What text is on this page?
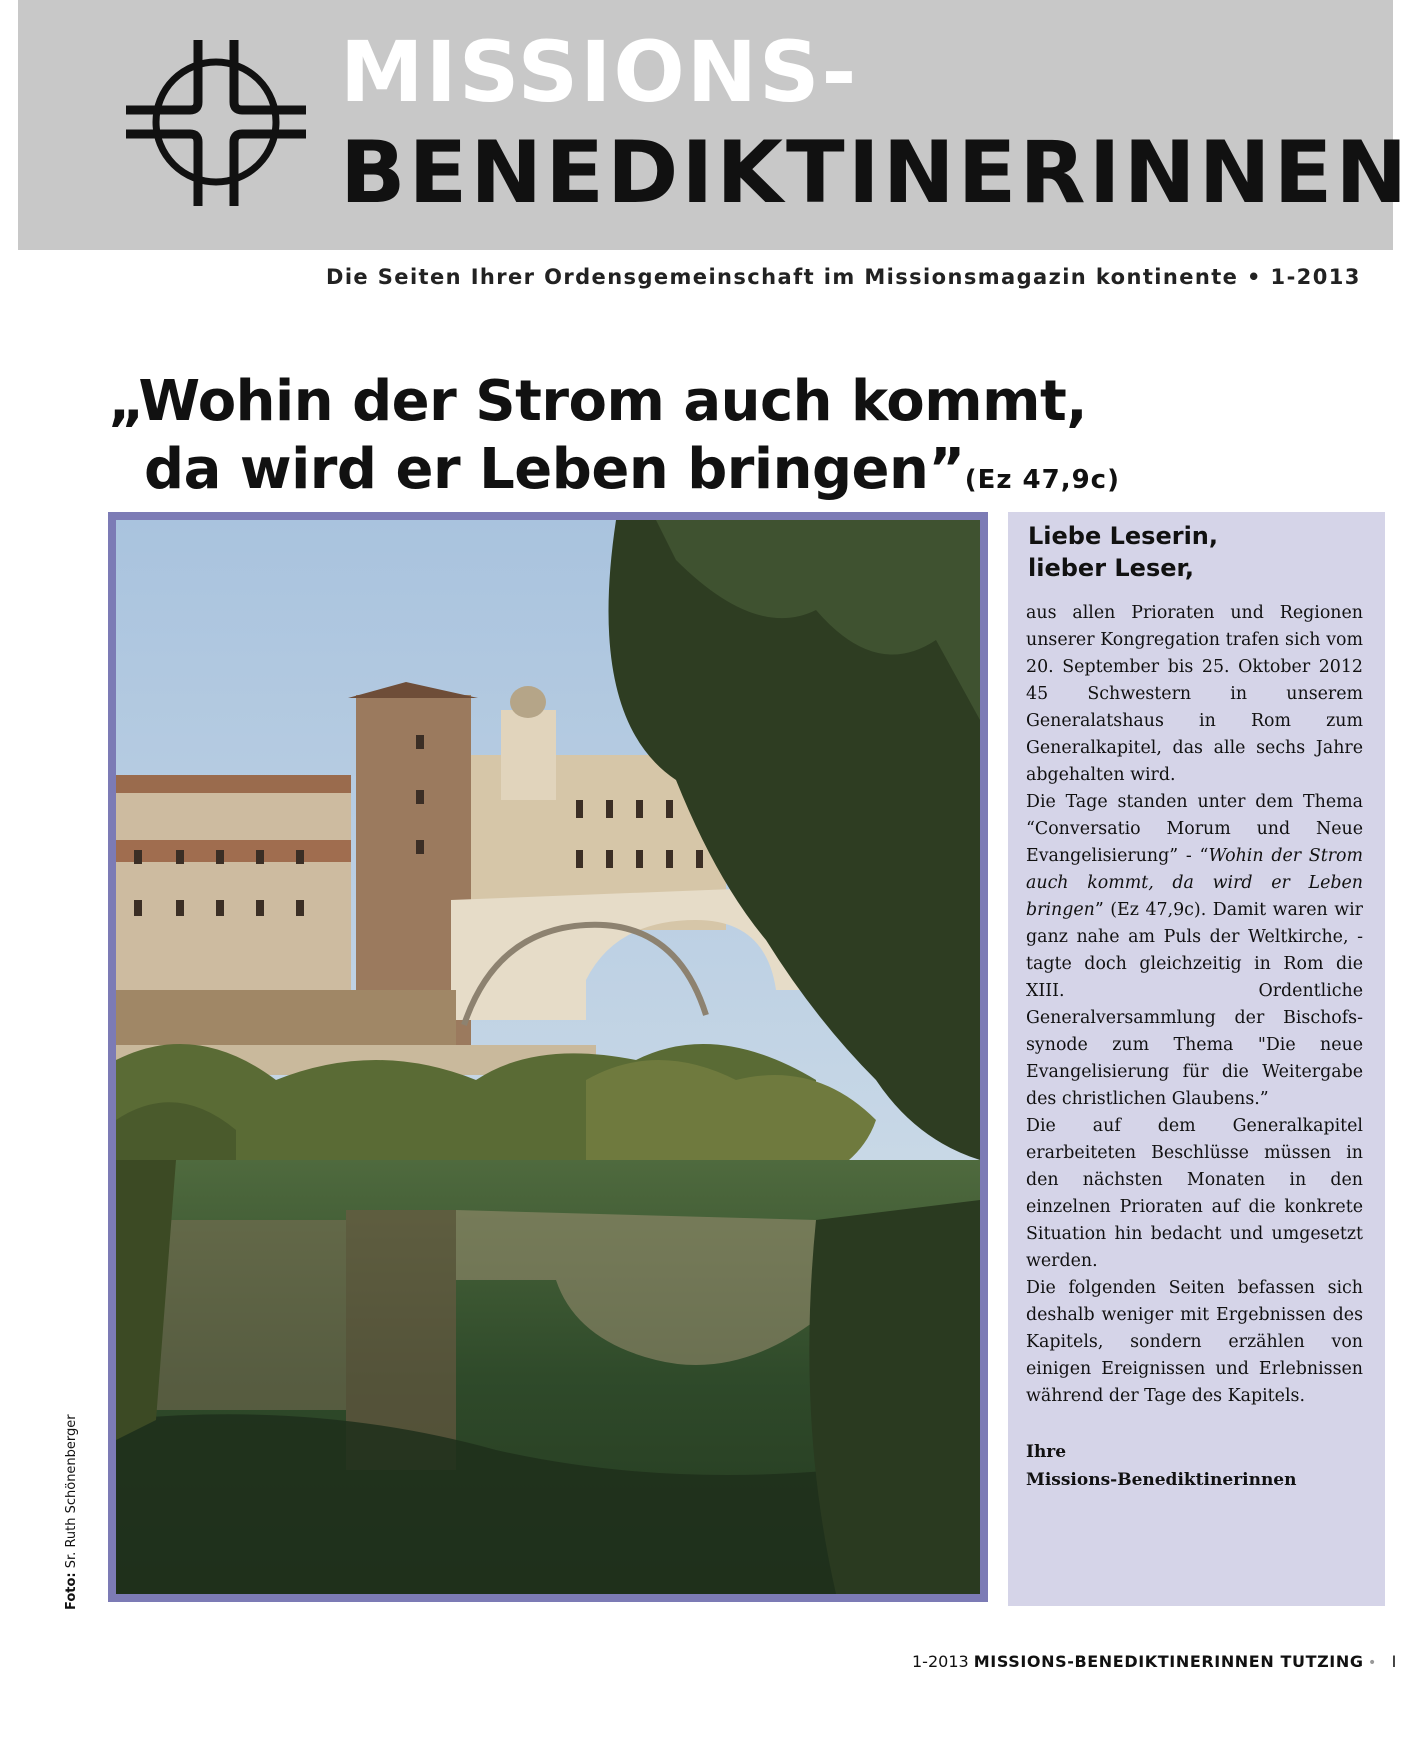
MISSIONS-
BENEDIKTINERINNEN
Die Seiten Ihrer Ordensgemeinschaft im Missionsmagazin kontinente • 1-2013
„Wohin der Strom auch kommt,
da wird er Leben bringen”(Ez 47,9c)
Foto: Sr. Ruth Schönenberger
Liebe Leserin,
lieber Leser,

aus allen Prioraten und Regionen unserer Kongregation trafen sich vom 20. September bis 25. Oktober 2012 45 Schwestern in unserem Generalatshaus in Rom zum Generalkapitel, das alle sechs Jahre abgehalten wird.

Die Tage standen unter dem Thema “Conversatio Morum und Neue Evangelisierung” - “Wohin der Strom auch kommt, da wird er Leben bringen” (Ez 47,9c). Damit waren wir ganz nahe am Puls der Weltkirche, - tagte doch gleichzeitig in Rom die XIII. Ordentliche Generalversammlung der Bischofs-synode zum Thema "Die neue Evangelisierung für die Weitergabe des christlichen Glaubens.”

Die auf dem Generalkapitel erarbeiteten Beschlüsse müssen in den nächsten Monaten in den einzelnen Prioraten auf die konkrete Situation hin bedacht und umgesetzt werden.

Die folgenden Seiten befassen sich deshalb weniger mit Ergebnissen des Kapitels, sondern erzählen von einigen Ereignissen und Erlebnissen während der Tage des Kapitels.

Ihre
Missions-Benediktinerinnen
1-2013 MISSIONS-BENEDIKTINERINNEN TUTZING • I
